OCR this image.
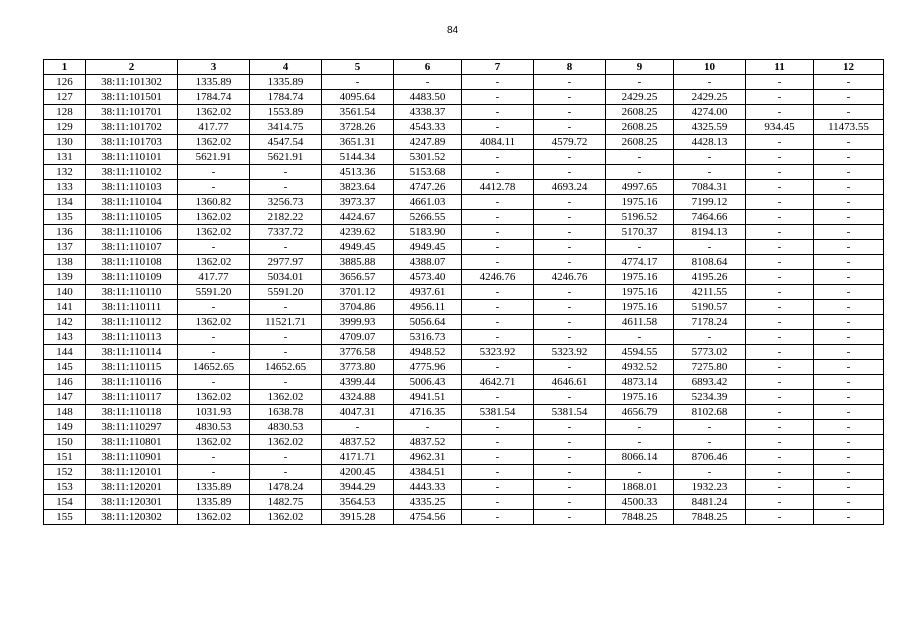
84
1	2	3	4	5	6	7	8	9	10	11	12
126	38:11:101302	1335.89	1335.89	-	-	-	-	-	-	-	-
127	38:11:101501	1784.74	1784.74	4095.64	4483.50	-	-	2429.25	2429.25	-	-
128	38:11:101701	1362.02	1553.89	3561.54	4338.37	-	-	2608.25	4274.00	-	-
129	38:11:101702	417.77	3414.75	3728.26	4543.33	-	-	2608.25	4325.59	934.45	11473.55
130	38:11:101703	1362.02	4547.54	3651.31	4247.89	4084.11	4579.72	2608.25	4428.13	-	-
131	38:11:110101	5621.91	5621.91	5144.34	5301.52	-	-	-	-	-	-
132	38:11:110102	-	-	4513.36	5153.68	-	-	-	-	-	-
133	38:11:110103	-	-	3823.64	4747.26	4412.78	4693.24	4997.65	7084.31	-	-
134	38:11:110104	1360.82	3256.73	3973.37	4661.03	-	-	1975.16	7199.12	-	-
135	38:11:110105	1362.02	2182.22	4424.67	5266.55	-	-	5196.52	7464.66	-	-
136	38:11:110106	1362.02	7337.72	4239.62	5183.90	-	-	5170.37	8194.13	-	-
137	38:11:110107	-	-	4949.45	4949.45	-	-	-	-	-	-
138	38:11:110108	1362.02	2977.97	3885.88	4388.07	-	-	4774.17	8108.64	-	-
139	38:11:110109	417.77	5034.01	3656.57	4573.40	4246.76	4246.76	1975.16	4195.26	-	-
140	38:11:110110	5591.20	5591.20	3701.12	4937.61	-	-	1975.16	4211.55	-	-
141	38:11:110111	-	-	3704.86	4956.11	-	-	1975.16	5190.57	-	-
142	38:11:110112	1362.02	11521.71	3999.93	5056.64	-	-	4611.58	7178.24	-	-
143	38:11:110113	-	-	4709.07	5316.73	-	-	-	-	-	-
144	38:11:110114	-	-	3776.58	4948.52	5323.92	5323.92	4594.55	5773.02	-	-
145	38:11:110115	14652.65	14652.65	3773.80	4775.96	-	-	4932.52	7275.80	-	-
146	38:11:110116	-	-	4399.44	5006.43	4642.71	4646.61	4873.14	6893.42	-	-
147	38:11:110117	1362.02	1362.02	4324.88	4941.51	-	-	1975.16	5234.39	-	-
148	38:11:110118	1031.93	1638.78	4047.31	4716.35	5381.54	5381.54	4656.79	8102.68	-	-
149	38:11:110297	4830.53	4830.53	-	-	-	-	-	-	-	-
150	38:11:110801	1362.02	1362.02	4837.52	4837.52	-	-	-	-	-	-
151	38:11:110901	-	-	4171.71	4962.31	-	-	8066.14	8706.46	-	-
152	38:11:120101	-	-	4200.45	4384.51	-	-	-	-	-	-
153	38:11:120201	1335.89	1478.24	3944.29	4443.33	-	-	1868.01	1932.23	-	-
154	38:11:120301	1335.89	1482.75	3564.53	4335.25	-	-	4500.33	8481.24	-	-
155	38:11:120302	1362.02	1362.02	3915.28	4754.56	-	-	7848.25	7848.25	-	-
